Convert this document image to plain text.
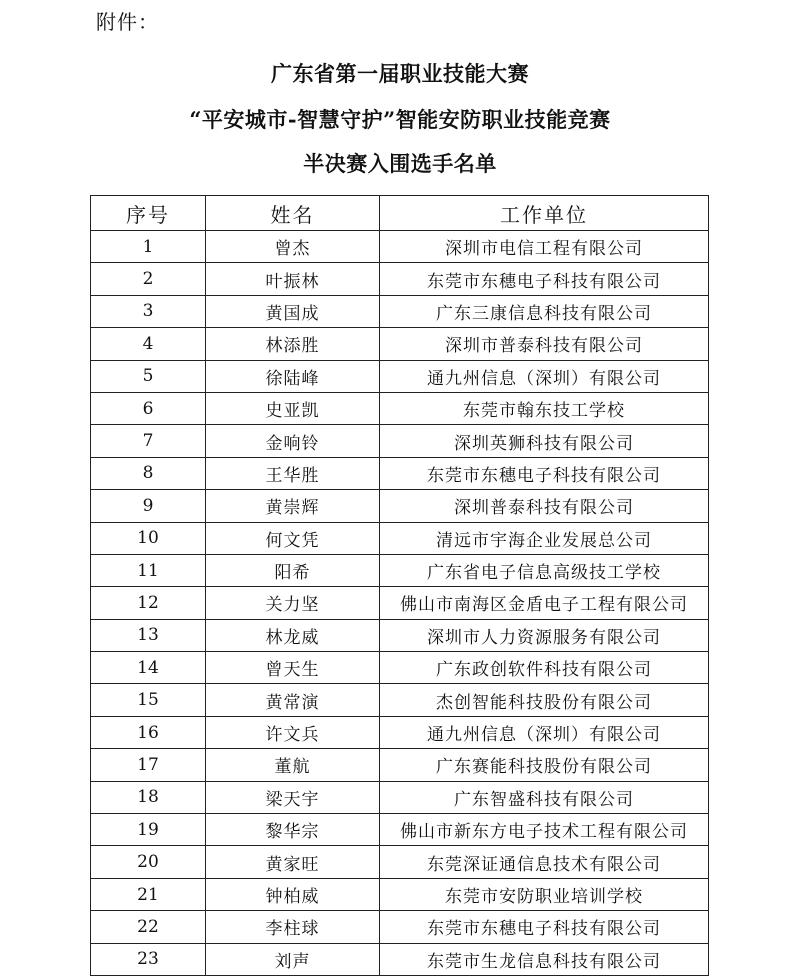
附件：
广东省第一届职业技能大赛
“平安城市-智慧守护”智能安防职业技能竞赛
半决赛入围选手名单
序号	姓名	工作单位
1	曾杰	深圳市电信工程有限公司
2	叶振林	东莞市东穗电子科技有限公司
3	黄国成	广东三康信息科技有限公司
4	林添胜	深圳市普泰科技有限公司
5	徐陆峰	通九州信息（深圳）有限公司
6	史亚凯	东莞市翰东技工学校
7	金响铃	深圳英狮科技有限公司
8	王华胜	东莞市东穗电子科技有限公司
9	黄崇辉	深圳普泰科技有限公司
10	何文凭	清远市宇海企业发展总公司
11	阳希	广东省电子信息高级技工学校
12	关力坚	佛山市南海区金盾电子工程有限公司
13	林龙威	深圳市人力资源服务有限公司
14	曾天生	广东政创软件科技有限公司
15	黄常演	杰创智能科技股份有限公司
16	许文兵	通九州信息（深圳）有限公司
17	董航	广东赛能科技股份有限公司
18	梁天宇	广东智盛科技有限公司
19	黎华宗	佛山市新东方电子技术工程有限公司
20	黄家旺	东莞深证通信息技术有限公司
21	钟柏威	东莞市安防职业培训学校
22	李柱球	东莞市东穗电子科技有限公司
23	刘声	东莞市生龙信息科技有限公司
